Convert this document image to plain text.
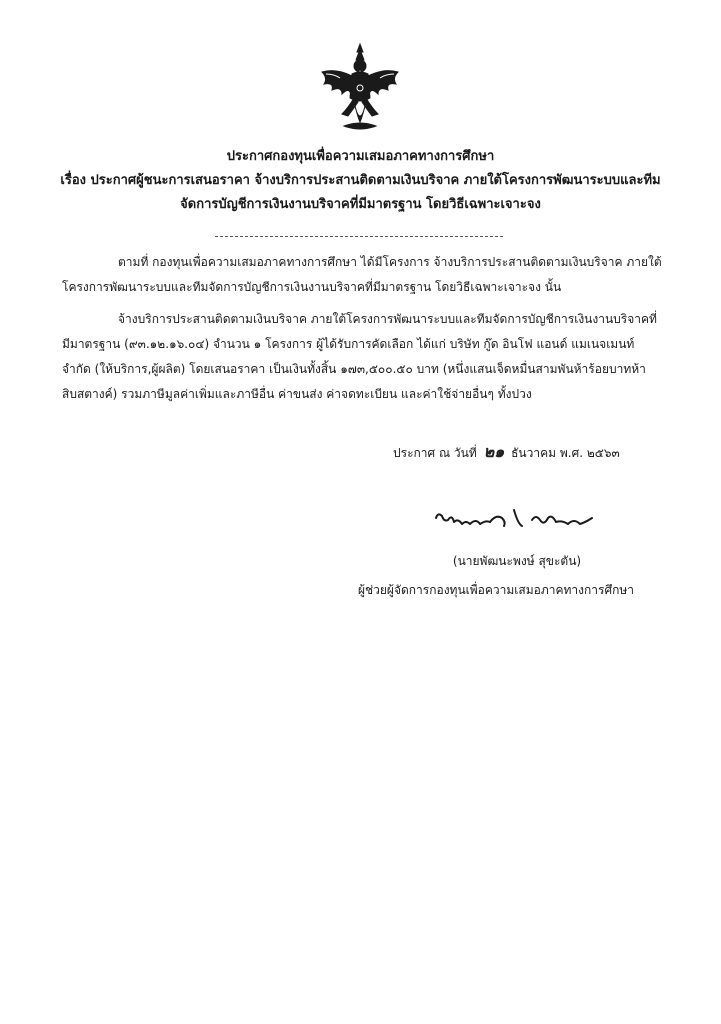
ประกาศกองทุนเพื่อความเสมอภาคทางการศึกษา
เรื่อง ประกาศผู้ชนะการเสนอราคา จ้างบริการประสานติดตามเงินบริจาค ภายใต้โครงการพัฒนาระบบและทีม
จัดการบัญชีการเงินงานบริจาคที่มีมาตรฐาน โดยวิธีเฉพาะเจาะจง
ตามที่ กองทุนเพื่อความเสมอภาคทางการศึกษา ได้มีโครงการ จ้างบริการประสานติดตามเงินบริจาค ภายใต้
โครงการพัฒนาระบบและทีมจัดการบัญชีการเงินงานบริจาคที่มีมาตรฐาน โดยวิธีเฉพาะเจาะจง นั้น
จ้างบริการประสานติดตามเงินบริจาค ภายใต้โครงการพัฒนาระบบและทีมจัดการบัญชีการเงินงานบริจาคที่
มีมาตรฐาน (๙๓.๑๒.๑๖.๐๔) จำนวน ๑ โครงการ ผู้ได้รับการคัดเลือก ได้แก่ บริษัท กู๊ด อินโฟ แอนด์ แมเนจเมนท์
จำกัด (ให้บริการ,ผู้ผลิต) โดยเสนอราคา เป็นเงินทั้งสิ้น ๑๗๓,๕๐๐.๕๐ บาท (หนึ่งแสนเจ็ดหมื่นสามพันห้าร้อยบาทห้า
สิบสตางค์) รวมภาษีมูลค่าเพิ่มและภาษีอื่น ค่าขนส่ง ค่าจดทะเบียน และค่าใช้จ่ายอื่นๆ ทั้งปวง
ประกาศ ณ วันที่ ๒๑ ธันวาคม พ.ศ. ๒๕๖๓
(นายพัฒนะพงษ์ สุขะตัน)
ผู้ช่วยผู้จัดการกองทุนเพื่อความเสมอภาคทางการศึกษา
